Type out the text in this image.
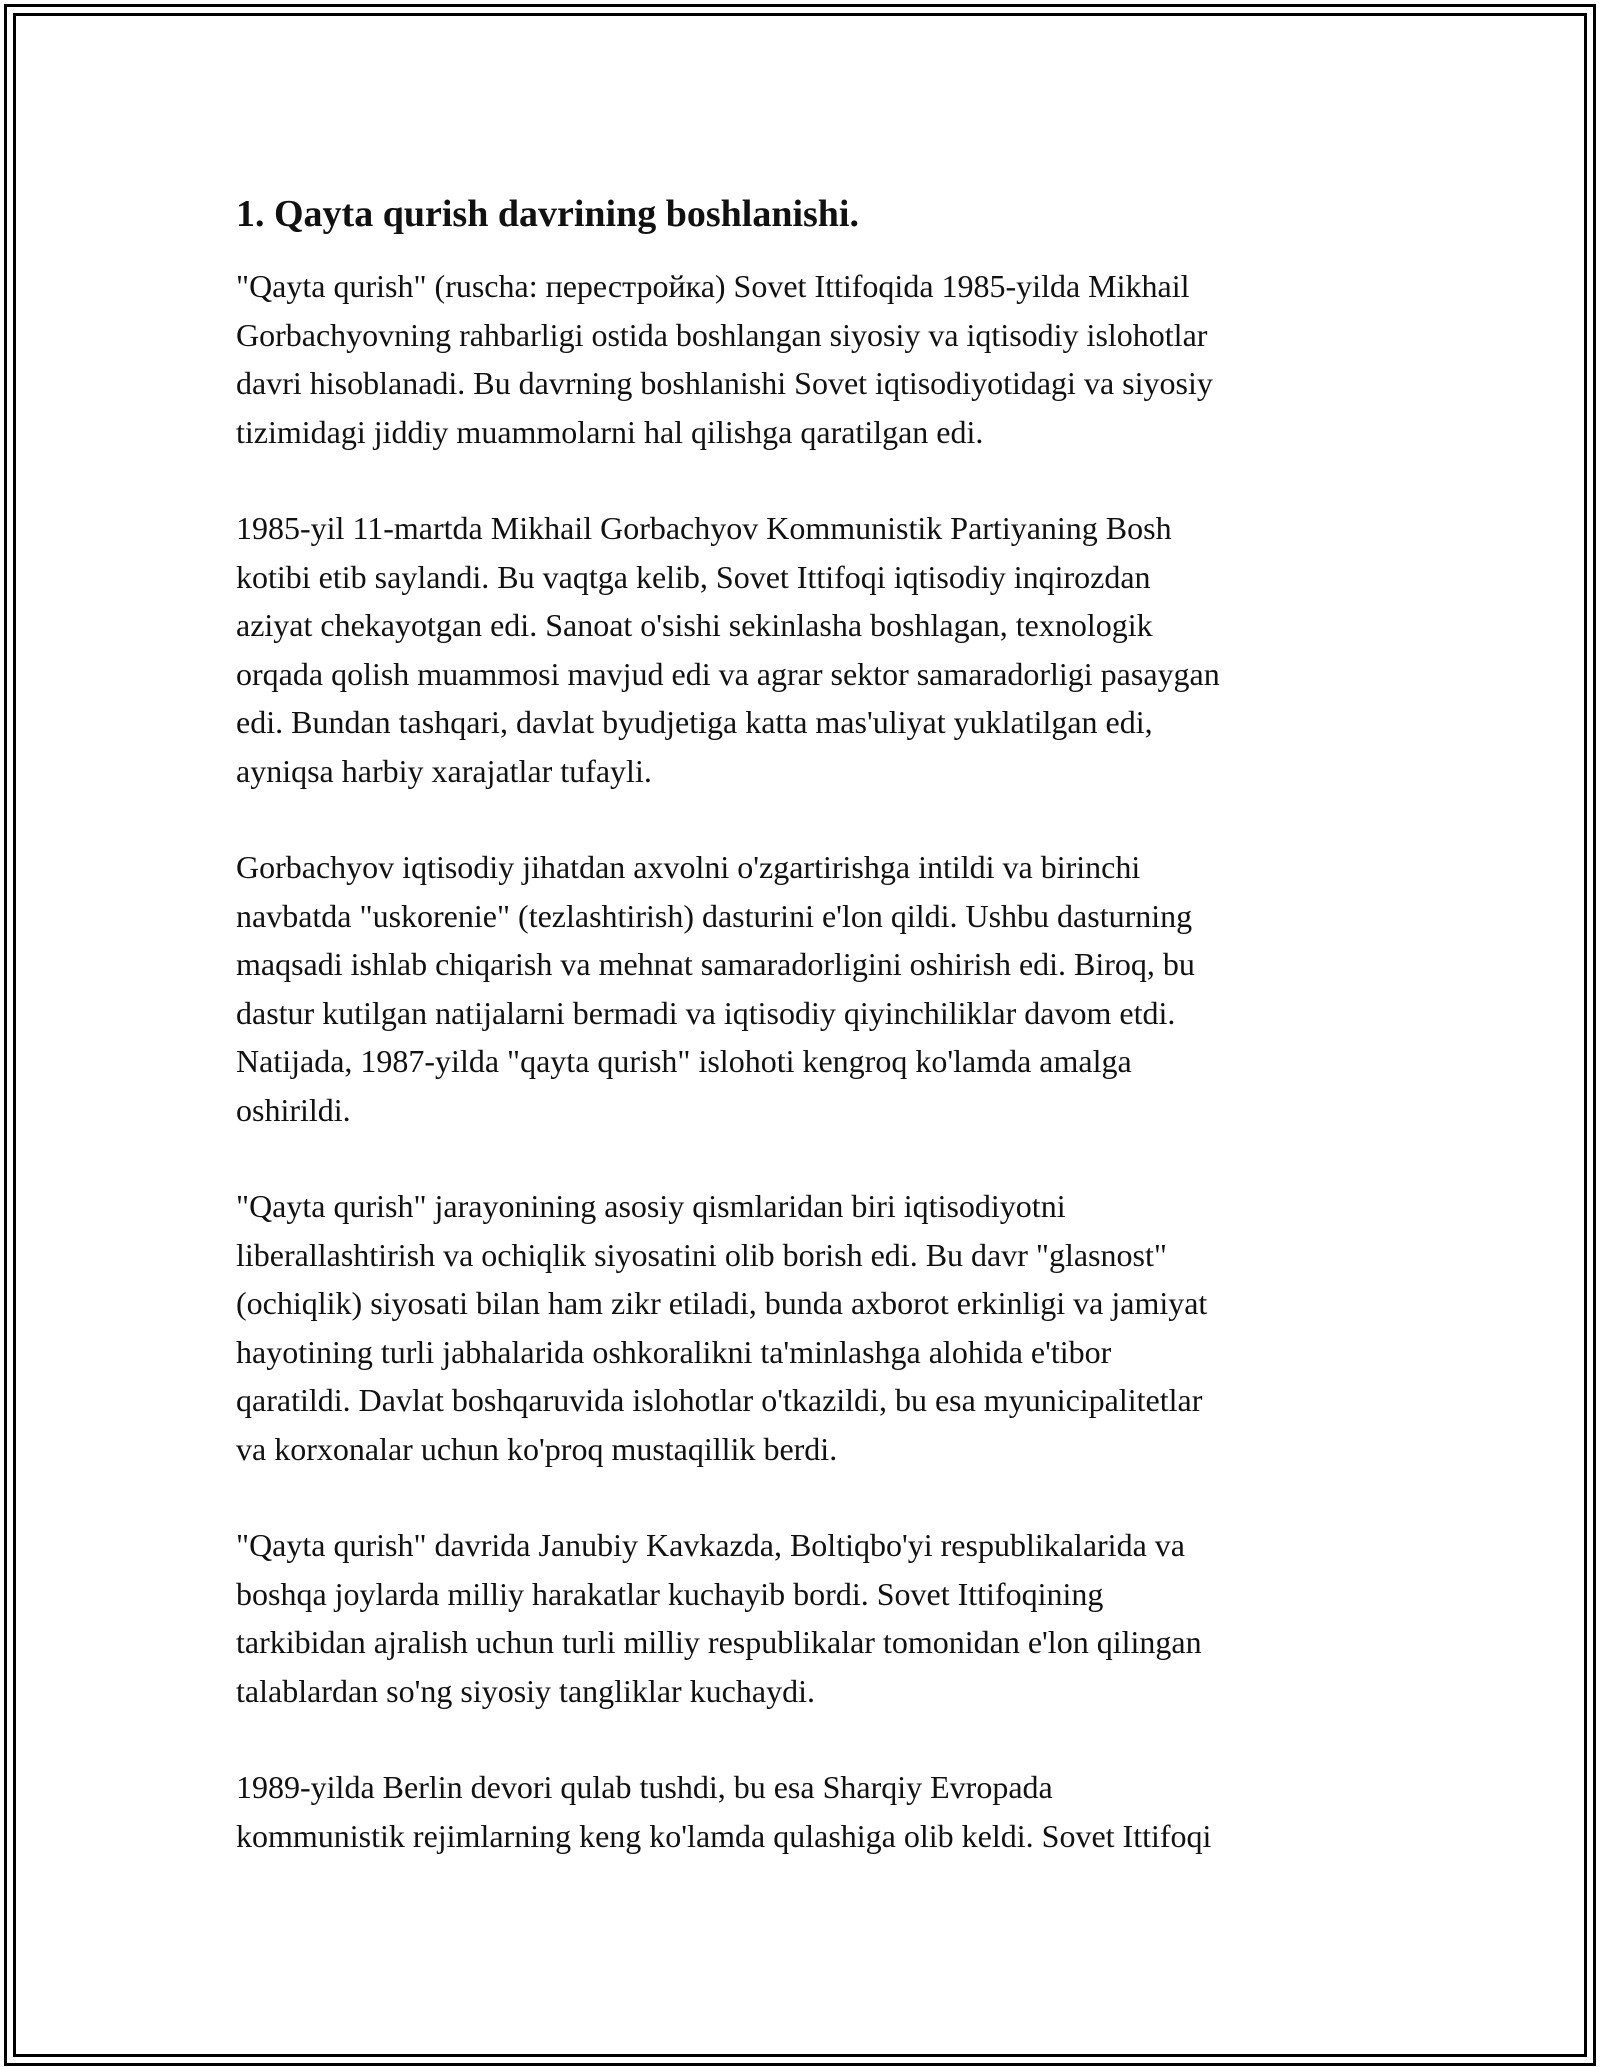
1. Qayta qurish davrining boshlanishi.

"Qayta qurish" (ruscha: перестройка) Sovet Ittifoqida 1985-yilda Mikhail
Gorbachyovning rahbarligi ostida boshlangan siyosiy va iqtisodiy islohotlar
davri hisoblanadi. Bu davrning boshlanishi Sovet iqtisodiyotidagi va siyosiy
tizimidagi jiddiy muammolarni hal qilishga qaratilgan edi.

1985-yil 11-martda Mikhail Gorbachyov Kommunistik Partiyaning Bosh
kotibi etib saylandi. Bu vaqtga kelib, Sovet Ittifoqi iqtisodiy inqirozdan
aziyat chekayotgan edi. Sanoat o'sishi sekinlasha boshlagan, texnologik
orqada qolish muammosi mavjud edi va agrar sektor samaradorligi pasaygan
edi. Bundan tashqari, davlat byudjetiga katta mas'uliyat yuklatilgan edi,
ayniqsa harbiy xarajatlar tufayli.

Gorbachyov iqtisodiy jihatdan axvolni o'zgartirishga intildi va birinchi
navbatda "uskorenie" (tezlashtirish) dasturini e'lon qildi. Ushbu dasturning
maqsadi ishlab chiqarish va mehnat samaradorligini oshirish edi. Biroq, bu
dastur kutilgan natijalarni bermadi va iqtisodiy qiyinchiliklar davom etdi.
Natijada, 1987-yilda "qayta qurish" islohoti kengroq ko'lamda amalga
oshirildi.

"Qayta qurish" jarayonining asosiy qismlaridan biri iqtisodiyotni
liberallashtirish va ochiqlik siyosatini olib borish edi. Bu davr "glasnost"
(ochiqlik) siyosati bilan ham zikr etiladi, bunda axborot erkinligi va jamiyat
hayotining turli jabhalarida oshkoralikni ta'minlashga alohida e'tibor
qaratildi. Davlat boshqaruvida islohotlar o'tkazildi, bu esa myunicipalitetlar
va korxonalar uchun ko'proq mustaqillik berdi.

"Qayta qurish" davrida Janubiy Kavkazda, Boltiqbo'yi respublikalarida va
boshqa joylarda milliy harakatlar kuchayib bordi. Sovet Ittifoqining
tarkibidan ajralish uchun turli milliy respublikalar tomonidan e'lon qilingan
talablardan so'ng siyosiy tangliklar kuchaydi.

1989-yilda Berlin devori qulab tushdi, bu esa Sharqiy Evropada
kommunistik rejimlarning keng ko'lamda qulashiga olib keldi. Sovet Ittifoqi
